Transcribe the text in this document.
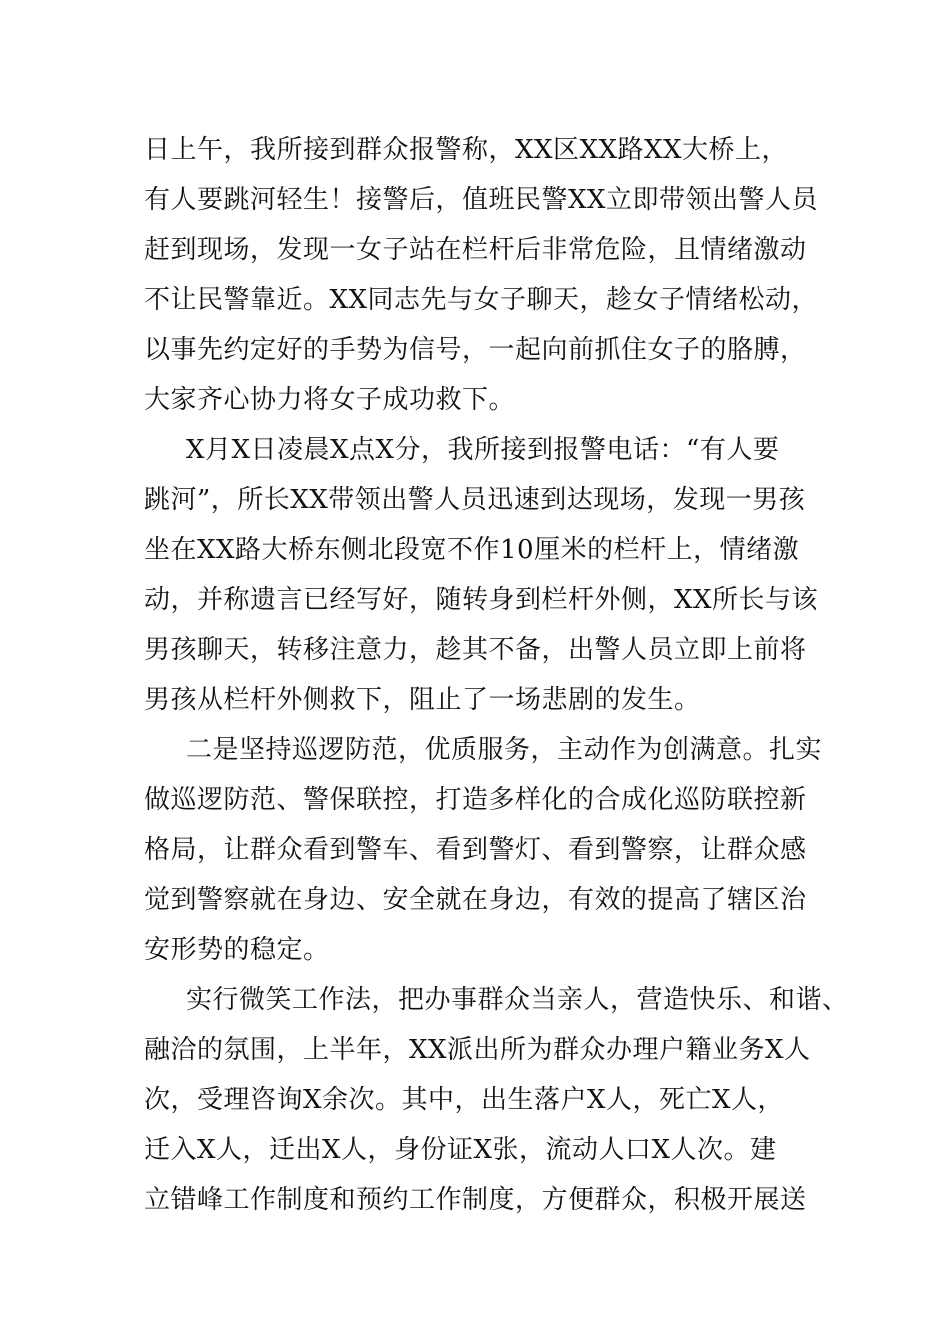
日上午，我所接到群众报警称，XX区XX路XX大桥上，
有人要跳河轻生！接警后，值班民警XX立即带领出警人员
赶到现场，发现一女子站在栏杆后非常危险，且情绪激动
不让民警靠近。XX同志先与女子聊天，趁女子情绪松动，
以事先约定好的手势为信号，一起向前抓住女子的胳膊，
大家齐心协力将女子成功救下。
X月X日凌晨X点X分，我所接到报警电话：“有人要
跳河”，所长XX带领出警人员迅速到达现场，发现一男孩
坐在XX路大桥东侧北段宽不作10厘米的栏杆上，情绪激
动，并称遗言已经写好，随转身到栏杆外侧，XX所长与该
男孩聊天，转移注意力，趁其不备，出警人员立即上前将
男孩从栏杆外侧救下，阻止了一场悲剧的发生。
二是坚持巡逻防范，优质服务，主动作为创满意。扎实
做巡逻防范、警保联控，打造多样化的合成化巡防联控新
格局，让群众看到警车、看到警灯、看到警察，让群众感
觉到警察就在身边、安全就在身边，有效的提高了辖区治
安形势的稳定。
实行微笑工作法，把办事群众当亲人，营造快乐、和谐、
融洽的氛围，上半年，XX派出所为群众办理户籍业务X人
次，受理咨询X余次。其中，出生落户X人，死亡X人，
迁入X人，迁出X人，身份证X张，流动人口X人次。建
立错峰工作制度和预约工作制度，方便群众，积极开展送
